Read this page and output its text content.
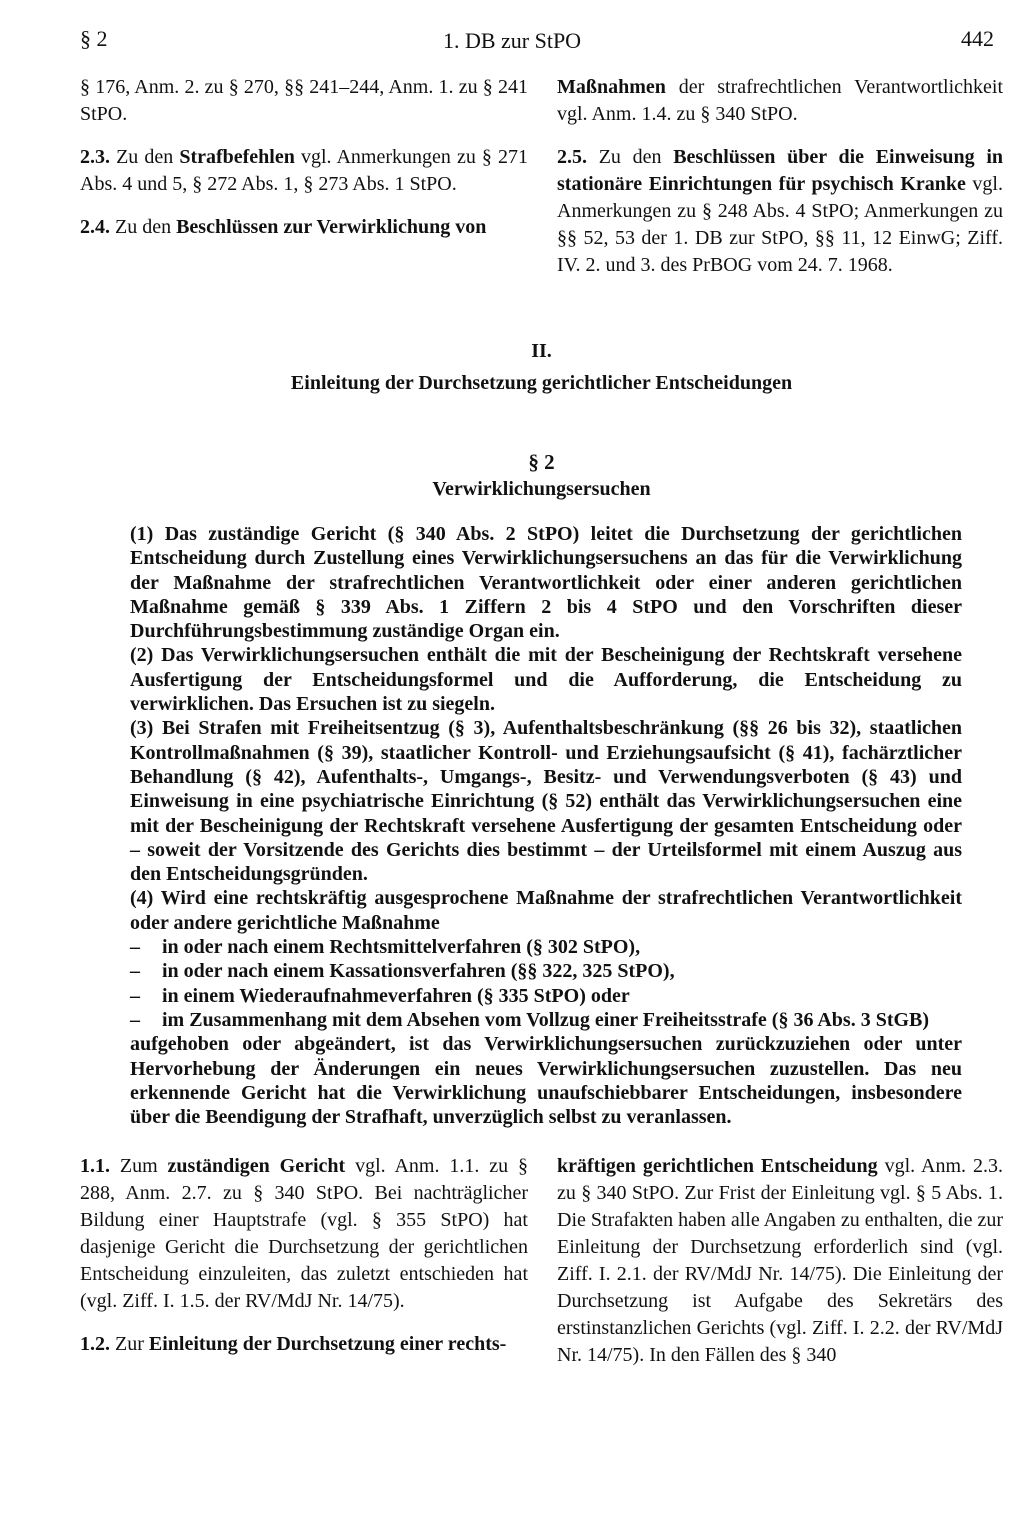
§ 2	1. DB zur StPO	442

§ 176, Anm. 2. zu § 270, §§ 241–244, Anm. 1. zu § 241 StPO.

2.3. Zu den Strafbefehlen vgl. Anmerkungen zu § 271 Abs. 4 und 5, § 272 Abs. 1, § 273 Abs. 1 StPO.

2.4. Zu den Beschlüssen zur Verwirklichung von

Maßnahmen der strafrechtlichen Verantwortlichkeit vgl. Anm. 1.4. zu § 340 StPO.

2.5. Zu den Beschlüssen über die Einweisung in stationäre Einrichtungen für psychisch Kranke vgl. Anmerkungen zu § 248 Abs. 4 StPO; Anmerkungen zu §§ 52, 53 der 1. DB zur StPO, §§ 11, 12 EinwG; Ziff. IV. 2. und 3. des PrBOG vom 24. 7. 1968.

II.
Einleitung der Durchsetzung gerichtlicher Entscheidungen
§ 2
Verwirklichungsersuchen

(1) Das zuständige Gericht (§ 340 Abs. 2 StPO) leitet die Durchsetzung der gerichtlichen Entscheidung durch Zustellung eines Verwirklichungsersuchens an das für die Verwirklichung der Maßnahme der strafrechtlichen Verantwortlichkeit oder einer anderen gerichtlichen Maßnahme gemäß § 339 Abs. 1 Ziffern 2 bis 4 StPO und den Vorschriften dieser Durchführungsbestimmung zuständige Organ ein.

(2) Das Verwirklichungsersuchen enthält die mit der Bescheinigung der Rechtskraft versehene Ausfertigung der Entscheidungsformel und die Aufforderung, die Entscheidung zu verwirklichen. Das Ersuchen ist zu siegeln.

(3) Bei Strafen mit Freiheitsentzug (§ 3), Aufenthaltsbeschränkung (§§ 26 bis 32), staatlichen Kontrollmaßnahmen (§ 39), staatlicher Kontroll- und Erziehungsaufsicht (§ 41), fachärztlicher Behandlung (§ 42), Aufenthalts-, Umgangs-, Besitz- und Verwendungsverboten (§ 43) und Einweisung in eine psychiatrische Einrichtung (§ 52) enthält das Verwirklichungsersuchen eine mit der Bescheinigung der Rechtskraft versehene Ausfertigung der gesamten Entscheidung oder – soweit der Vorsitzende des Gerichts dies bestimmt – der Urteilsformel mit einem Auszug aus den Entscheidungsgründen.

(4) Wird eine rechtskräftig ausgesprochene Maßnahme der strafrechtlichen Verantwortlichkeit oder andere gerichtliche Maßnahme

–	in oder nach einem Rechtsmittelverfahren (§ 302 StPO),
–	in oder nach einem Kassationsverfahren (§§ 322, 325 StPO),
–	in einem Wiederaufnahmeverfahren (§ 335 StPO) oder
–	im Zusammenhang mit dem Absehen vom Vollzug einer Freiheitsstrafe (§ 36 Abs. 3 StGB)

aufgehoben oder abgeändert, ist das Verwirklichungsersuchen zurückzuziehen oder unter Hervorhebung der Änderungen ein neues Verwirklichungsersuchen zuzustellen. Das neu erkennende Gericht hat die Verwirklichung unaufschiebbarer Entscheidungen, insbesondere über die Beendigung der Strafhaft, unverzüglich selbst zu veranlassen.

1.1. Zum zuständigen Gericht vgl. Anm. 1.1. zu § 288, Anm. 2.7. zu § 340 StPO. Bei nachträglicher Bildung einer Hauptstrafe (vgl. § 355 StPO) hat dasjenige Gericht die Durchsetzung der gerichtlichen Entscheidung einzuleiten, das zuletzt entschieden hat (vgl. Ziff. I. 1.5. der RV/MdJ Nr. 14/75).

1.2. Zur Einleitung der Durchsetzung einer rechts-

kräftigen gerichtlichen Entscheidung vgl. Anm. 2.3. zu § 340 StPO. Zur Frist der Einleitung vgl. § 5 Abs. 1. Die Strafakten haben alle Angaben zu enthalten, die zur Einleitung der Durchsetzung erforderlich sind (vgl. Ziff. I. 2.1. der RV/MdJ Nr. 14/75). Die Einleitung der Durchsetzung ist Aufgabe des Sekretärs des erstinstanzlichen Gerichts (vgl. Ziff. I. 2.2. der RV/MdJ Nr. 14/75). In den Fällen des § 340
